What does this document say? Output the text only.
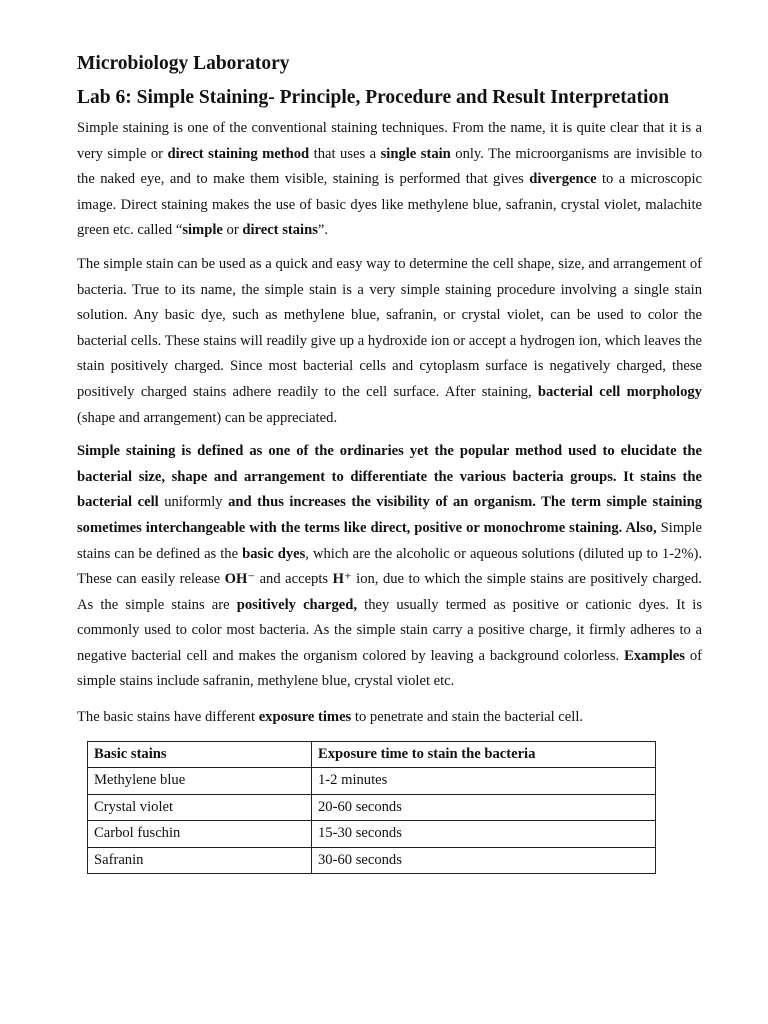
Microbiology Laboratory
Lab 6: Simple Staining- Principle, Procedure and Result Interpretation

Simple staining is one of the conventional staining techniques. From the name, it is quite clear that it is a very simple or direct staining method that uses a single stain only. The microorganisms are invisible to the naked eye, and to make them visible, staining is performed that gives divergence to a microscopic image. Direct staining makes the use of basic dyes like methylene blue, safranin, crystal violet, malachite green etc. called “simple or direct stains”.

The simple stain can be used as a quick and easy way to determine the cell shape, size, and arrangement of bacteria. True to its name, the simple stain is a very simple staining procedure involving a single stain solution. Any basic dye, such as methylene blue, safranin, or crystal violet, can be used to color the bacterial cells. These stains will readily give up a hydroxide ion or accept a hydrogen ion, which leaves the stain positively charged. Since most bacterial cells and cytoplasm surface is negatively charged, these positively charged stains adhere readily to the cell surface. After staining, bacterial cell morphology (shape and arrangement) can be appreciated.

Simple staining is defined as one of the ordinaries yet the popular method used to elucidate the bacterial size, shape and arrangement to differentiate the various bacteria groups. It stains the bacterial cell uniformly and thus increases the visibility of an organism. The term simple staining sometimes interchangeable with the terms like direct, positive or monochrome staining. Also, Simple stains can be defined as the basic dyes, which are the alcoholic or aqueous solutions (diluted up to 1-2%). These can easily release OH⁻ and accepts H⁺ ion, due to which the simple stains are positively charged. As the simple stains are positively charged, they usually termed as positive or cationic dyes. It is commonly used to color most bacteria. As the simple stain carry a positive charge, it firmly adheres to a negative bacterial cell and makes the organism colored by leaving a background colorless. Examples of simple stains include safranin, methylene blue, crystal violet etc.

The basic stains have different exposure times to penetrate and stain the bacterial cell.

Basic stains	Exposure time to stain the bacteria
Methylene blue	1-2 minutes
Crystal violet	20-60 seconds
Carbol fuschin	15-30 seconds
Safranin	30-60 seconds
